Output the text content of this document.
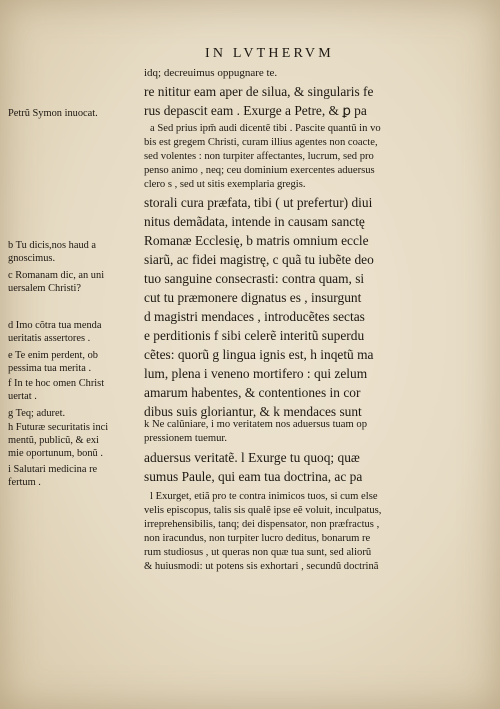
IN LVTHERVM
idq; decreuimus oppugnare te.
re nititur eam aper de silua, & singularis fe
rus depascit eam . Exurge a Petre, & ꝑ pa
a Sed prius ipm̃ audi dicentẽ tibi . Pascite quantũ in vo
bis est gregem Christi, curam illius agentes non coacte,
sed volentes : non turpiter affectantes, lucrum, sed pro
penso animo , neq; ceu dominium exercentes aduersus
clero s , sed ut sitis exemplaria gregis.
storali cura præfata, tibi ( ut prefertur) diui
nitus demãdata, intende in causam sanctę
Romanæ Ecclesię, b matris omnium eccle
siarũ, ac fidei magistrę, c quã tu iubẽte deo
tuo sanguine consecrasti: contra quam, si
cut tu præmonere dignatus es , insurgunt
d magistri mendaces , introducẽtes sectas
e perditionis f sibi celerẽ interitũ superdu
cẽtes: quorũ g lingua ignis est, h inqetũ ma
lum, plena i veneno mortifero : qui zelum
amarum habentes, & contentiones in cor
dibus suis gloriantur, & k mendaces sunt
k Ne calũniare, i mo veritatem nos aduersus tuam op
pressionem tuemur.
aduersus veritatẽ. l Exurge tu quoq; quæ
sumus Paule, qui eam tua doctrina, ac pa
l Exurget, etiã pro te contra inimicos tuos, si cum else
velis episcopus, talis sis qualẽ ipse eẽ voluit, inculpatus,
irreprehensibilis, tanq; dei dispensator, non præfractus ,
non iracundus, non turpiter lucro deditus, bonarum re
rum studiosus , ut queras non quæ tua sunt, sed aliorũ
& huiusmodi: ut potens sis exhortari , secundũ doctrinã
Petrũ Symon inuocat.
b Tu dicis,nos haud a
gnoscimus.
c Romanam dic, an uni
uersalem Christi?
d Imo cõtra tua menda
ueritatis assertores .
e Te enim perdent, ob
pessima tua merita .
f In te hoc omen Christ
uertat .
g Teq; aduret.
h Futuræ securitatis inci
mentũ, publicũ, & exi
mie oportunum, bonũ .
i Salutari medicina re
fertum .
